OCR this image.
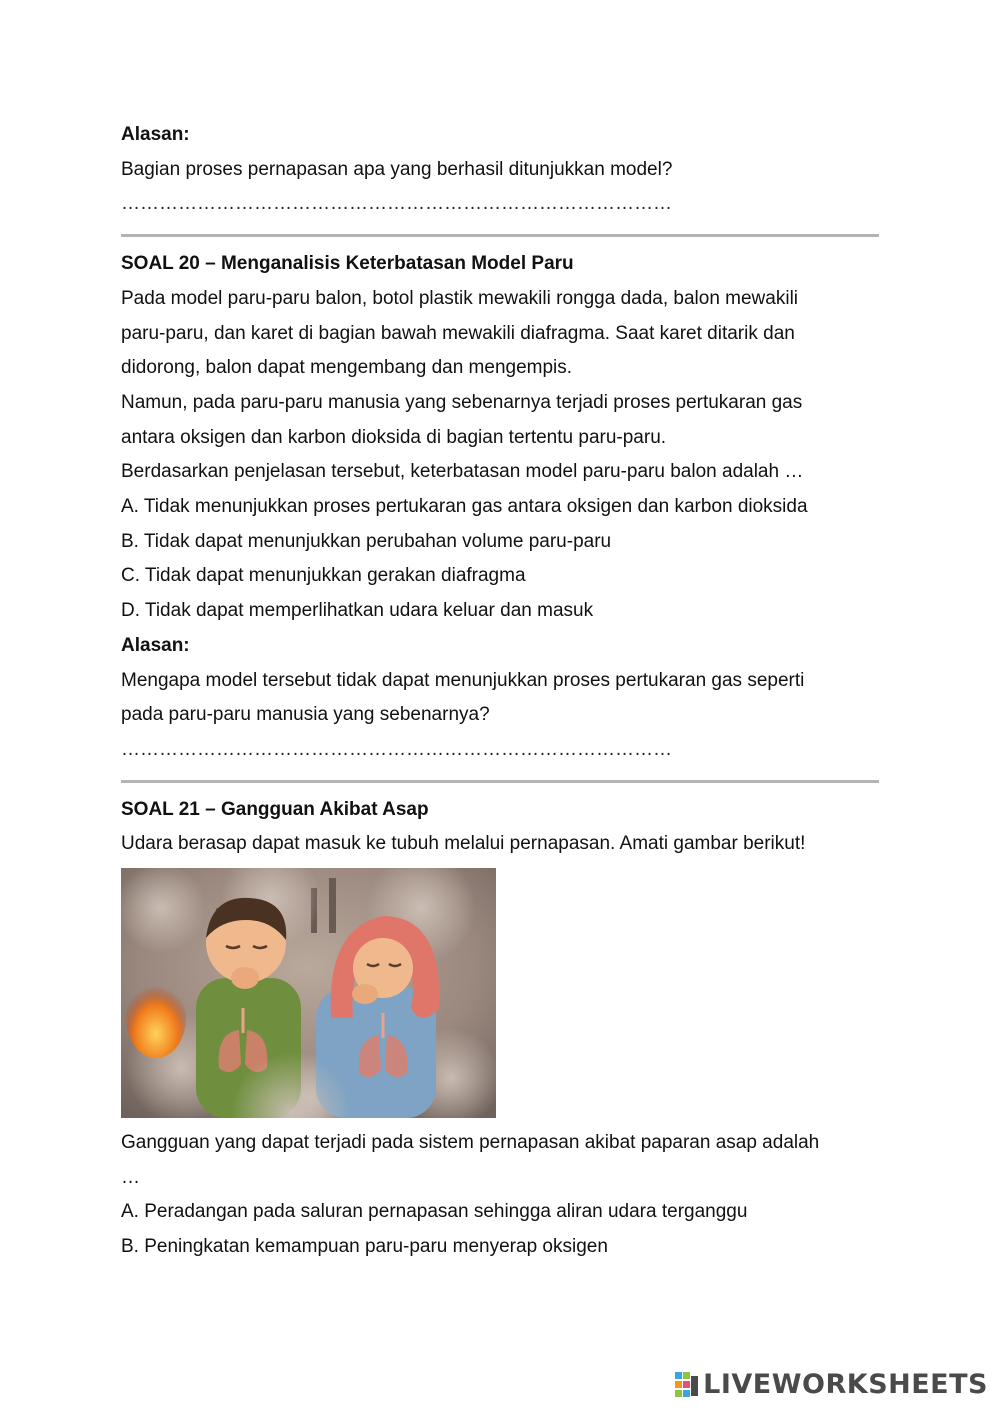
Alasan:
Bagian proses pernapasan apa yang berhasil ditunjukkan model?
……………………………………………………………………………
SOAL 20 – Menganalisis Keterbatasan Model Paru
Pada model paru-paru balon, botol plastik mewakili rongga dada, balon mewakili
paru-paru, dan karet di bagian bawah mewakili diafragma. Saat karet ditarik dan
didorong, balon dapat mengembang dan mengempis.
Namun, pada paru-paru manusia yang sebenarnya terjadi proses pertukaran gas
antara oksigen dan karbon dioksida di bagian tertentu paru-paru.
Berdasarkan penjelasan tersebut, keterbatasan model paru-paru balon adalah …
A. Tidak menunjukkan proses pertukaran gas antara oksigen dan karbon dioksida
B. Tidak dapat menunjukkan perubahan volume paru-paru
C. Tidak dapat menunjukkan gerakan diafragma
D. Tidak dapat memperlihatkan udara keluar dan masuk
Alasan:
Mengapa model tersebut tidak dapat menunjukkan proses pertukaran gas seperti
pada paru-paru manusia yang sebenarnya?
……………………………………………………………………………
SOAL 21 – Gangguan Akibat Asap
Udara berasap dapat masuk ke tubuh melalui pernapasan. Amati gambar berikut!
Gangguan yang dapat terjadi pada sistem pernapasan akibat paparan asap adalah
…
A. Peradangan pada saluran pernapasan sehingga aliran udara terganggu
B. Peningkatan kemampuan paru-paru menyerap oksigen
LIVEWORKSHEETS
